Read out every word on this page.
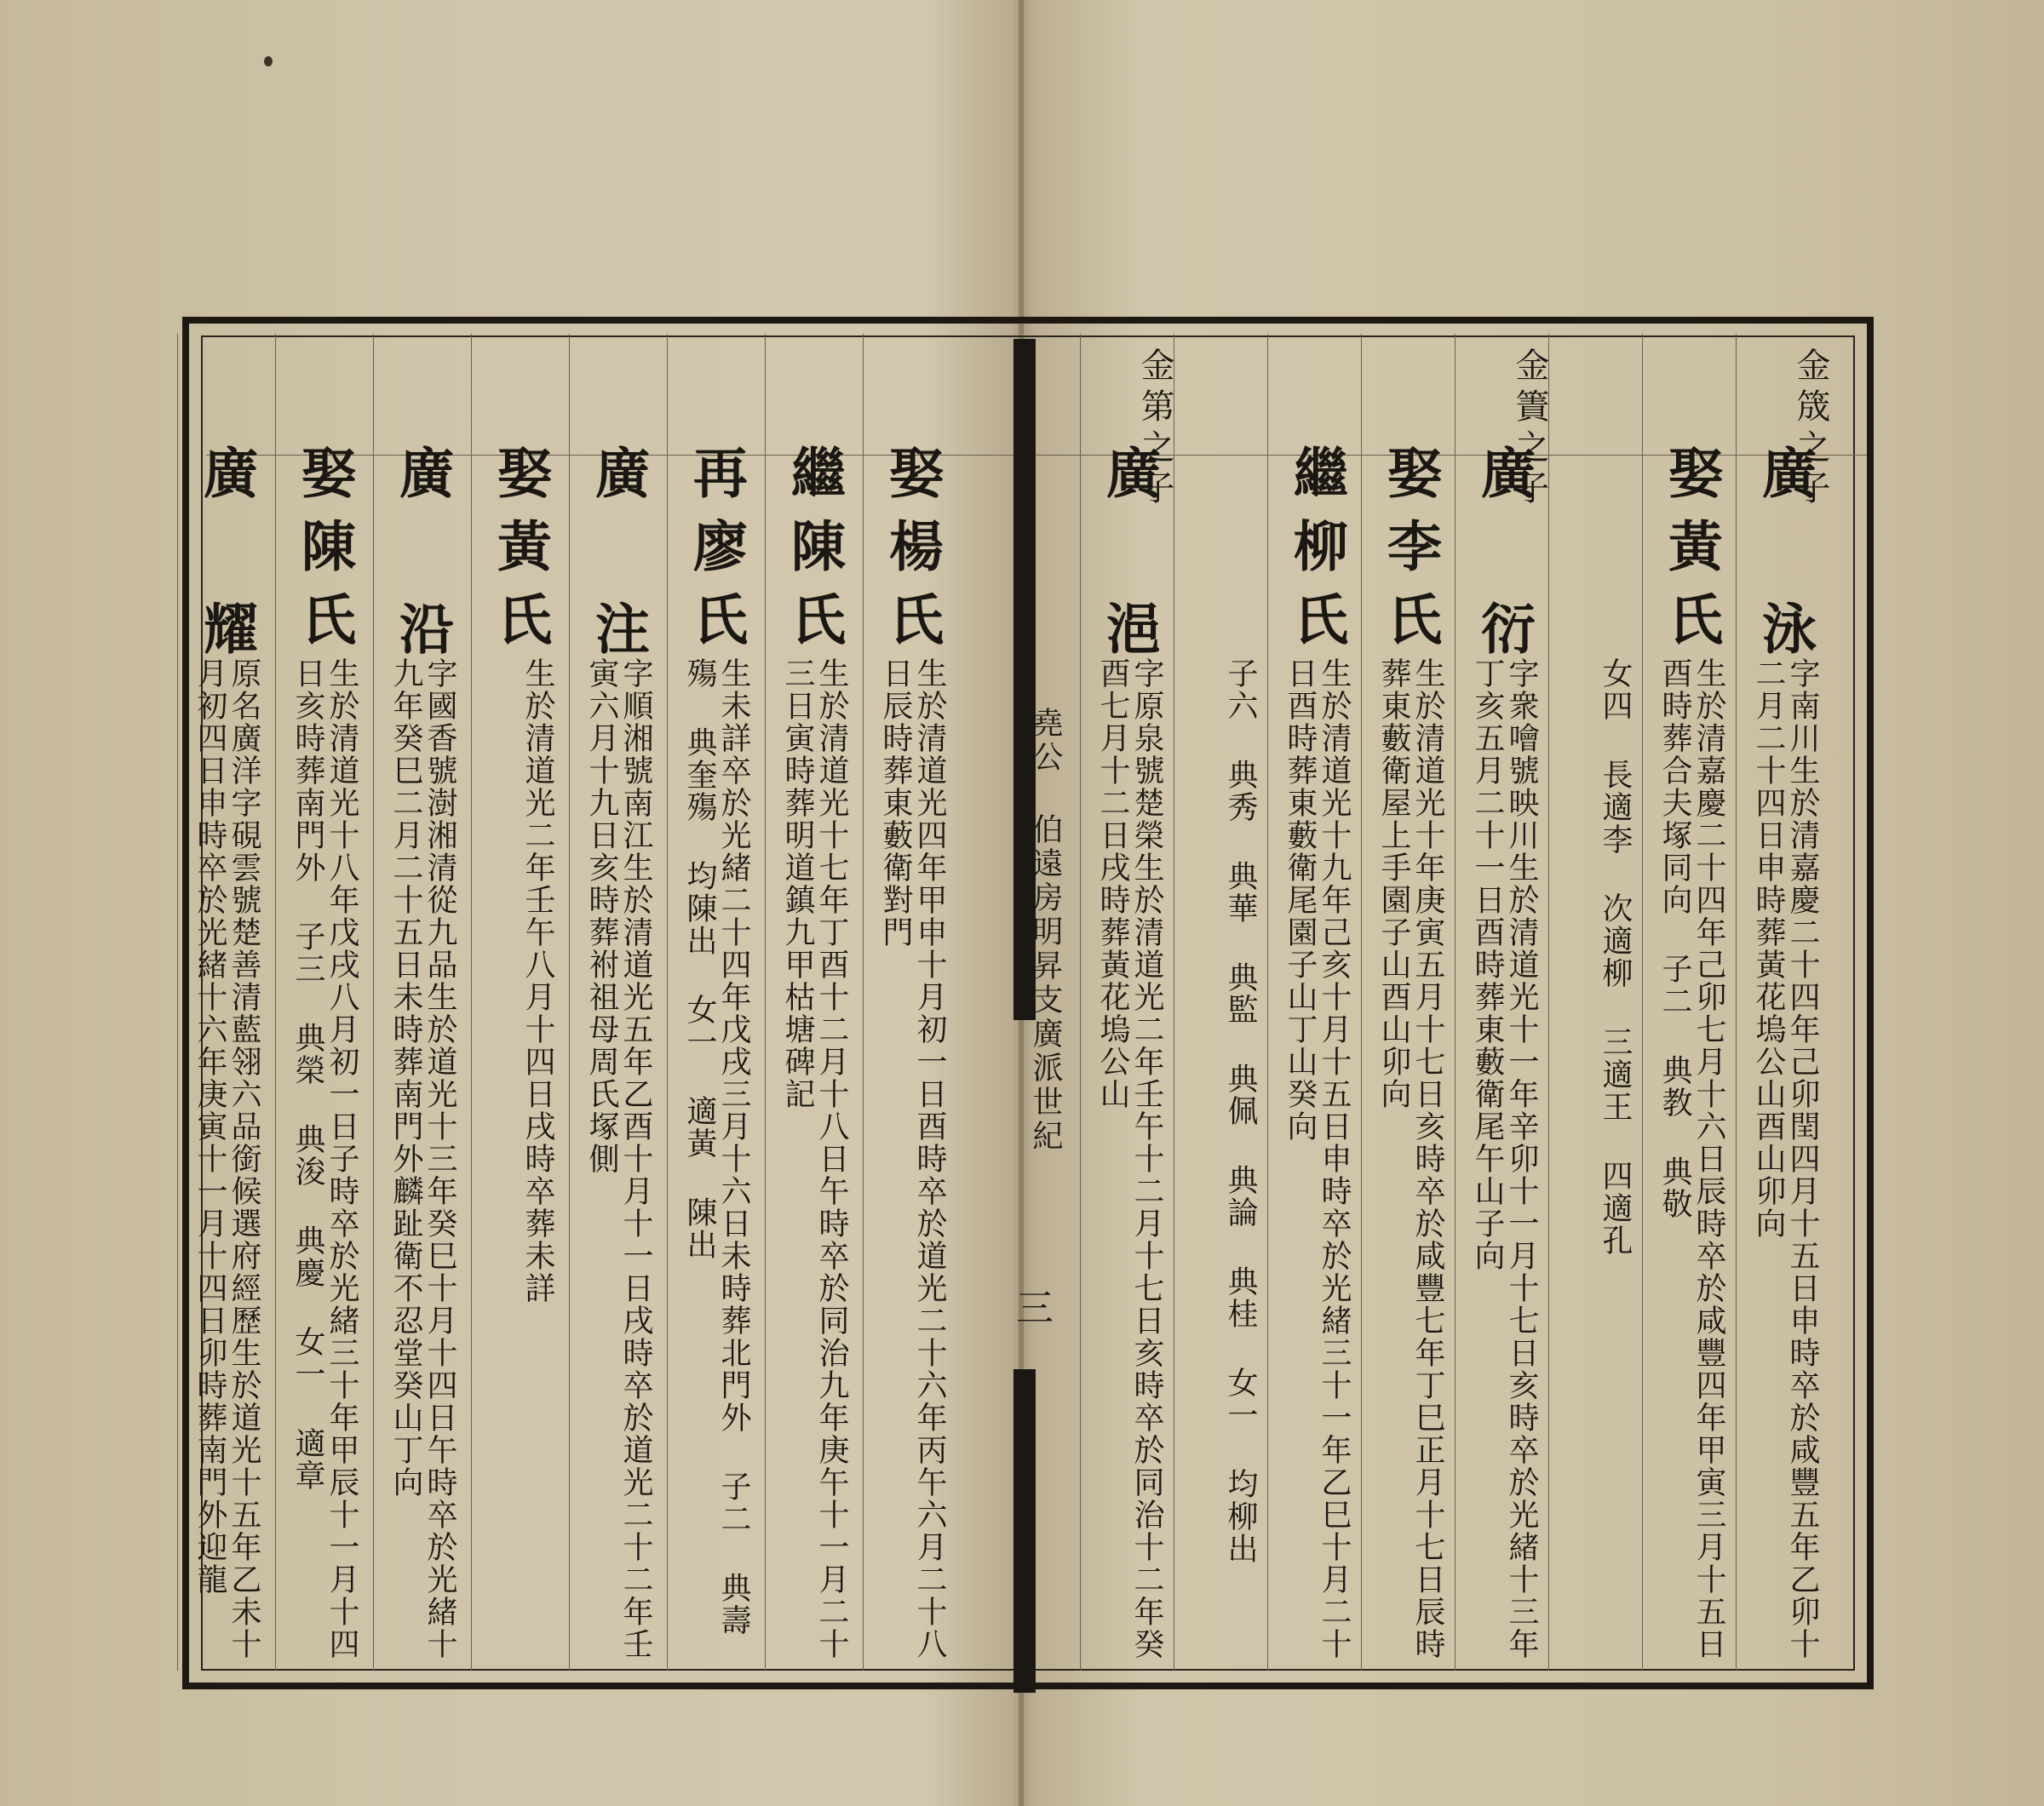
堯公 伯遠房明昇支廣派世紀
三
金筬之子
廣 泳
字南川生於清嘉慶二十四年己卯閏四月十五日申時卒於咸豐五年乙卯十二月二十四日申時葬黃花塢公山酉山卯向
娶黃氏
生於清嘉慶二十四年己卯七月十六日辰時卒於咸豐四年甲寅三月十五日酉時葬合夫塚同向 子二 典教 典敬
女四 長適李 次適柳 三適王 四適孔
金簀之子
廣 衍
字衆噲號映川生於清道光十一年辛卯十一月十七日亥時卒於光緒十三年丁亥五月二十一日酉時葬東藪衛尾午山子向
娶李氏
生於清道光十年庚寅五月十七日亥時卒於咸豐七年丁巳正月十七日辰時葬東藪衛屋上手園子山酉山卯向
繼柳氏
生於清道光十九年己亥十月十五日申時卒於光緒三十一年乙巳十月二十日酉時葬東藪衛尾園子山丁山癸向
子六 典秀 典華 典監 典佩 典論 典桂 女一 均柳出
金第之子
廣 浥
字原泉號楚榮生於清道光二年壬午十二月十七日亥時卒於同治十二年癸酉七月十二日戌時葬黃花塢公山
娶楊氏
生於清道光四年甲申十月初一日酉時卒於道光二十六年丙午六月二十八日辰時葬東藪衛對門
繼陳氏
生於清道光十七年丁酉十二月十八日午時卒於同治九年庚午十一月二十三日寅時葬明道鎮九甲枯塘碑記
再廖氏
生未詳卒於光緒二十四年戊戌三月十六日未時葬北門外 子二 典壽殤 典奎殤 均陳出 女一 適黃 陳出
廣 注
字順湘號南江生於清道光五年乙酉十月十一日戌時卒於道光二十二年壬寅六月十九日亥時葬祔祖母周氏塚側
娶黃氏
生於清道光二年壬午八月十四日戌時卒葬未詳
廣 沿
字國香號澍湘清從九品生於道光十三年癸巳十月十四日午時卒於光緒十九年癸巳二月二十五日未時葬南門外麟趾衛不忍堂癸山丁向
娶陳氏
生於清道光十八年戊戌八月初一日子時卒於光緒三十年甲辰十一月十四日亥時葬南門外 子三 典榮 典浚 典慶 女一 適章
廣 耀
原名廣洋字硯雲號楚善清藍翎六品銜候選府經歷生於道光十五年乙未十月初四日申時卒於光緒十六年庚寅十一月十四日卯時葬南門外迎龍
